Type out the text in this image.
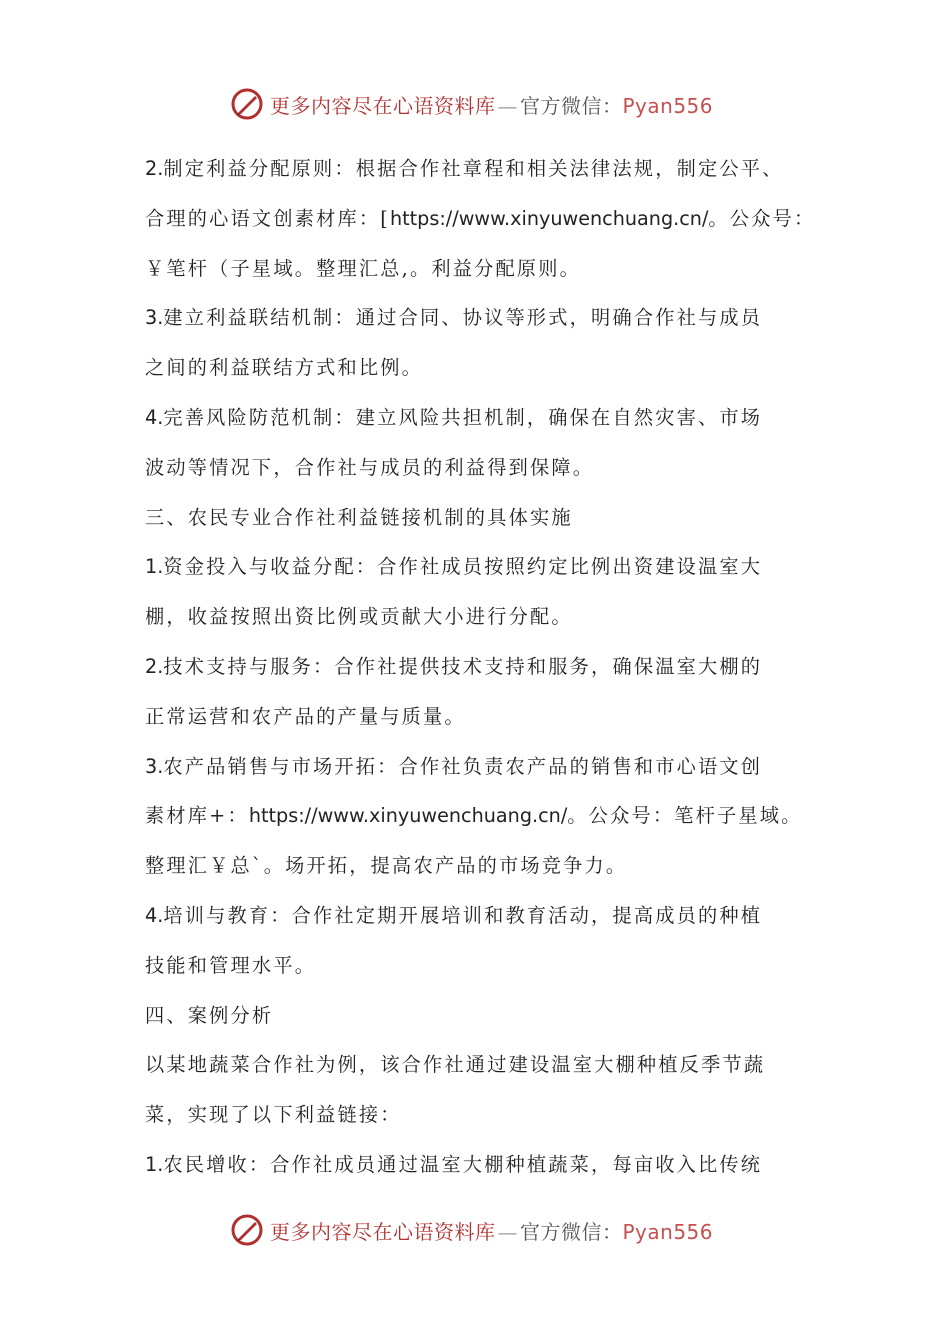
更多内容尽在心语资料库 — 官方微信：Pyan556
2.制定利益分配原则：根据合作社章程和相关法律法规，制定公平、
合理的心语文创素材库：[https://www.xinyuwenchuang.cn/。公众号：
￥笔杆（子星域。整理汇总,。利益分配原则。
3.建立利益联结机制：通过合同、协议等形式，明确合作社与成员
之间的利益联结方式和比例。
4.完善风险防范机制：建立风险共担机制，确保在自然灾害、市场
波动等情况下，合作社与成员的利益得到保障。
三、农民专业合作社利益链接机制的具体实施
1.资金投入与收益分配：合作社成员按照约定比例出资建设温室大
棚，收益按照出资比例或贡献大小进行分配。
2.技术支持与服务：合作社提供技术支持和服务，确保温室大棚的
正常运营和农产品的产量与质量。
3.农产品销售与市场开拓：合作社负责农产品的销售和市心语文创
素材库+：https://www.xinyuwenchuang.cn/。公众号：笔杆子星域。
整理汇￥总`。场开拓，提高农产品的市场竞争力。
4.培训与教育：合作社定期开展培训和教育活动，提高成员的种植
技能和管理水平。
四、案例分析
以某地蔬菜合作社为例，该合作社通过建设温室大棚种植反季节蔬
菜，实现了以下利益链接：
1.农民增收：合作社成员通过温室大棚种植蔬菜，每亩收入比传统
更多内容尽在心语资料库 — 官方微信：Pyan556
